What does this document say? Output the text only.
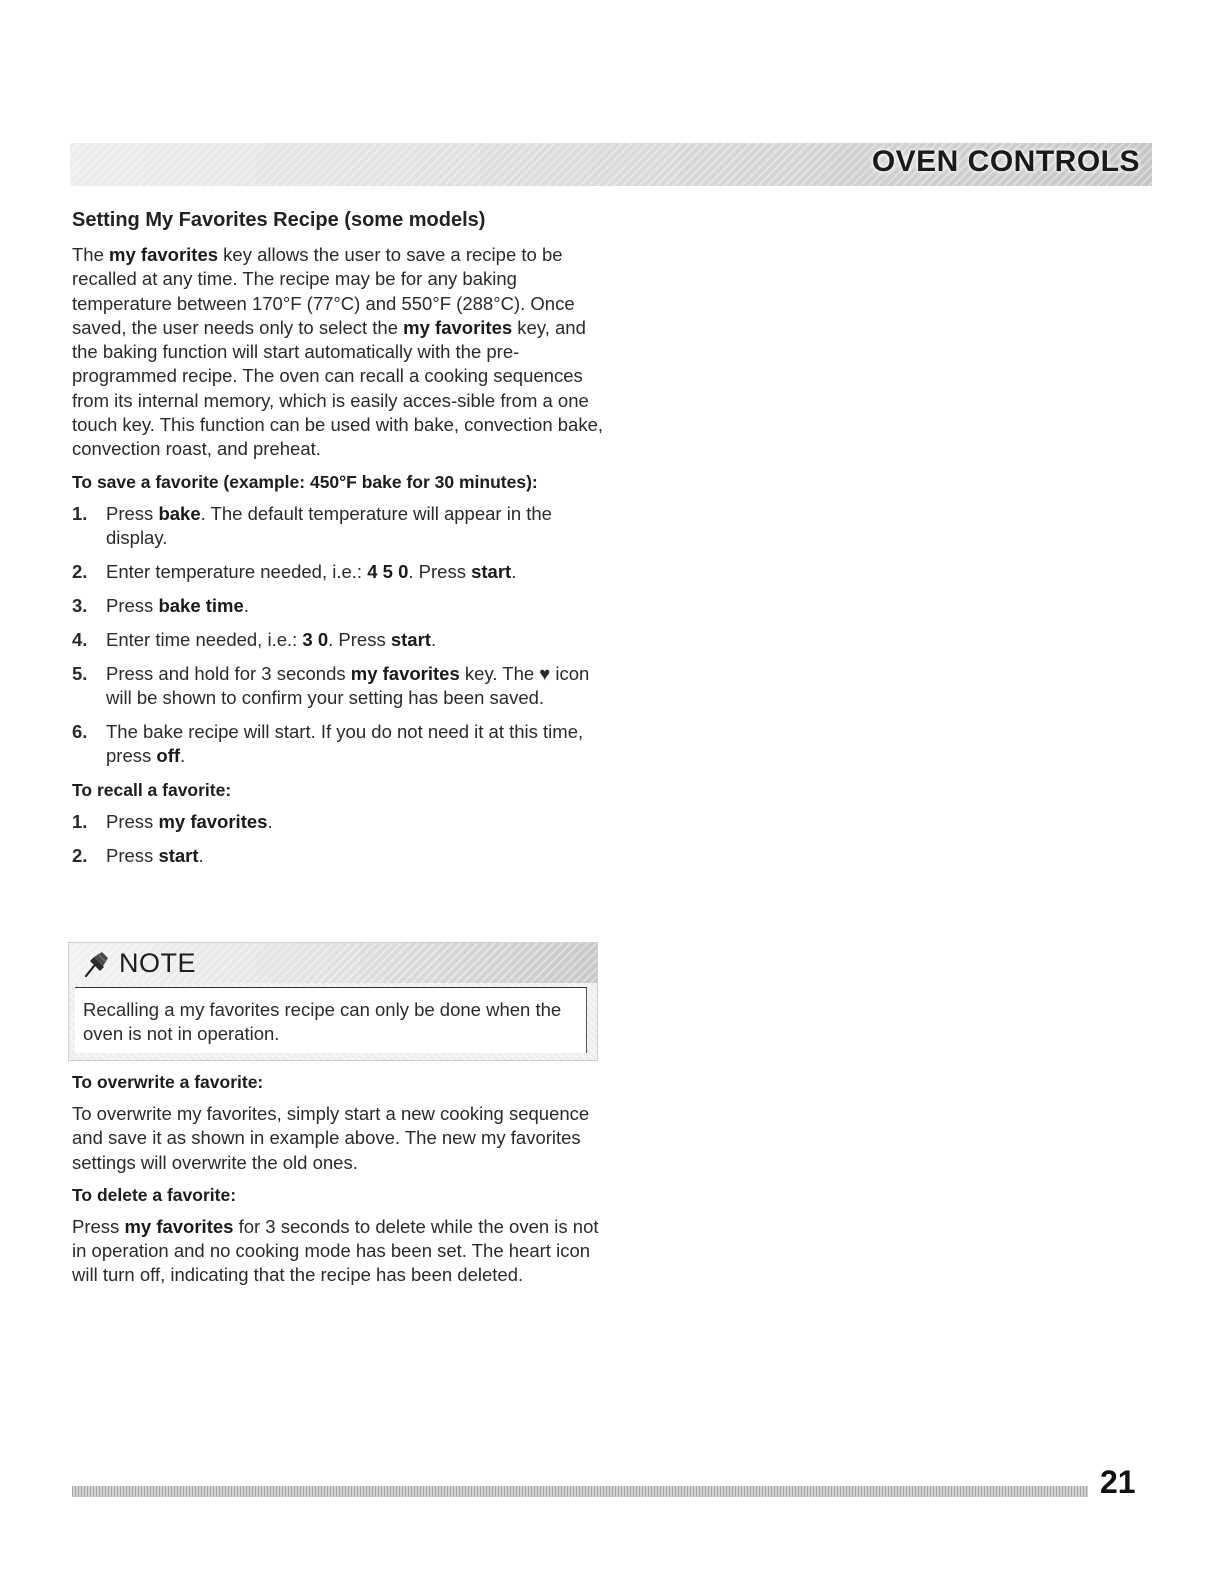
OVEN CONTROLS
Setting My Favorites Recipe (some models)

The my favorites key allows the user to save a recipe to be recalled at any time. The recipe may be for any baking temperature between 170°F (77°C) and 550°F (288°C). Once saved, the user needs only to select the my favorites key, and the baking function will start automatically with the pre-programmed recipe. The oven can recall a cooking sequences from its internal memory, which is easily acces-sible from a one touch key. This function can be used with bake, convection bake, convection roast, and preheat.

To save a favorite (example: 450°F bake for 30 minutes):
1.	Press bake. The default temperature will appear in the display.
2.	Enter temperature needed, i.e.: 4 5 0. Press start.
3.	Press bake time.
4.	Enter time needed, i.e.: 3 0. Press start.
5.	Press and hold for 3 seconds my favorites key. The ♥ icon will be shown to confirm your setting has been saved.
6.	The bake recipe will start. If you do not need it at this time, press off.
To recall a favorite:
1.	Press my favorites.
2.	Press start.
NOTE
Recalling a my favorites recipe can only be done when the oven is not in operation.
To overwrite a favorite:

To overwrite my favorites, simply start a new cooking sequence and save it as shown in example above. The new my favorites settings will overwrite the old ones.

To delete a favorite:

Press my favorites for 3 seconds to delete while the oven is not in operation and no cooking mode has been set. The heart icon will turn off, indicating that the recipe has been deleted.

21
